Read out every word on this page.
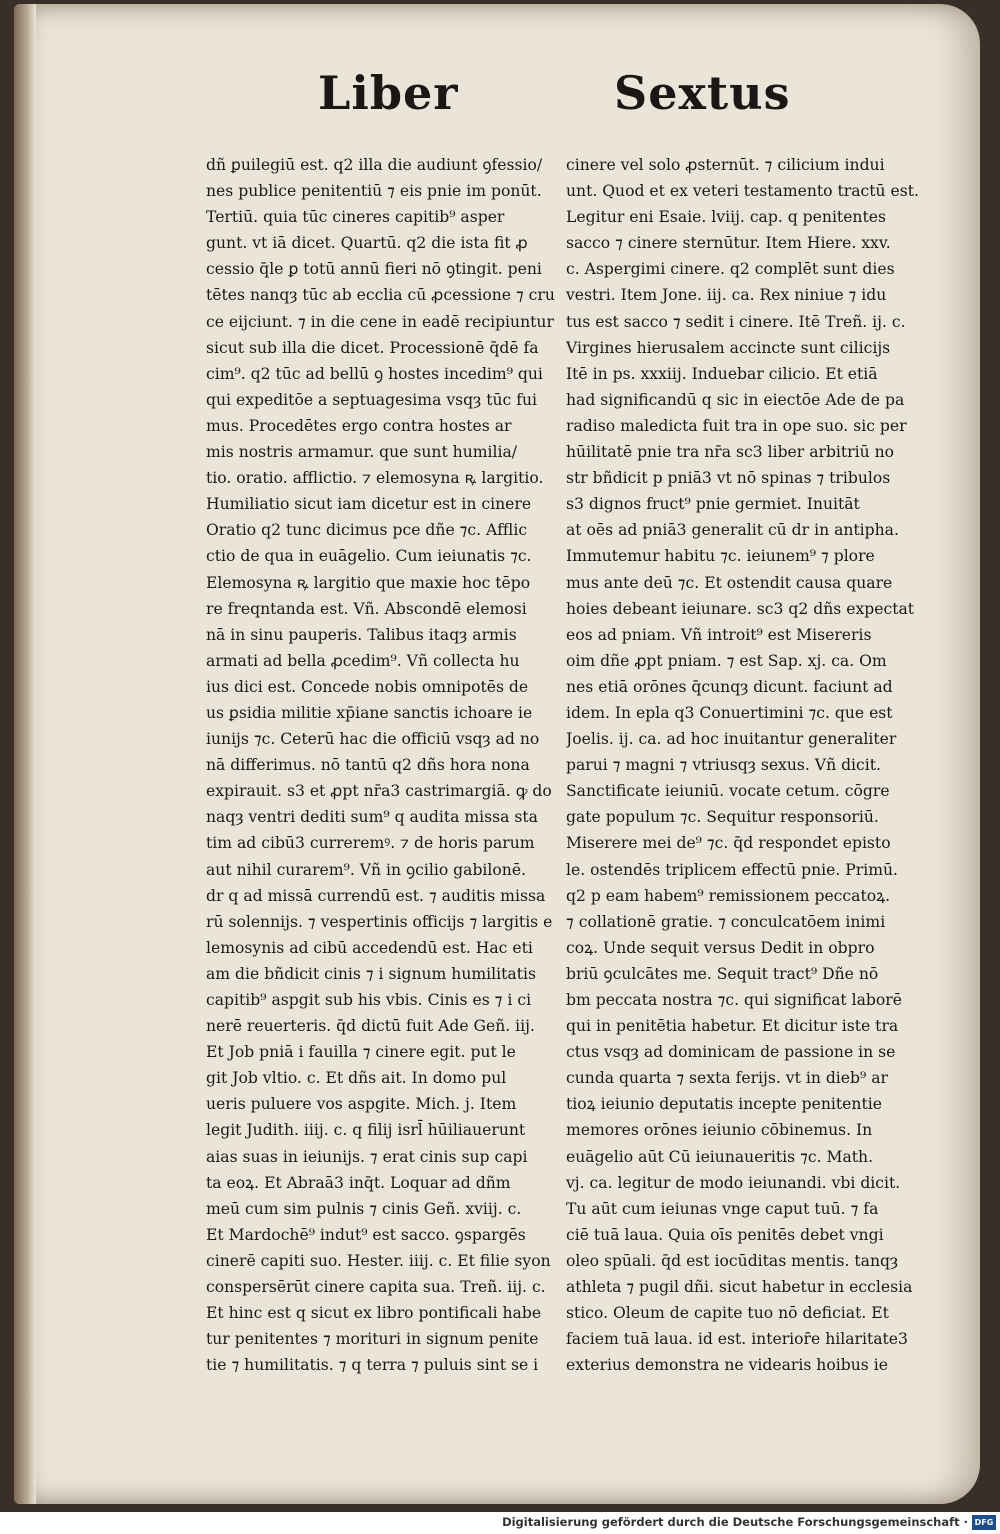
Liber	Sextus
dñ ꝑuilegiū est. q2 illa die audiunt ꝯfessio/
nes publice penitentiū ⁊ eis pnie im ponūt.
Tertiū. quia tūc cineres capitib⁹ asper
gunt. vt iā dicet. Quartū. q2 die ista fit ꝓ
cessio q̄le ꝑ totū annū fieri nō ꝯtingit. peni
tētes nanqȝ tūc ab ecclia cū ꝓcessione ⁊ cru
ce eijciunt. ⁊ in die cene in eadē recipiuntur
sicut sub illa die dicet. Processionē q̄dē fa
cim⁹. q2 tūc ad bellū ꝯ hostes incedim⁹ qui
qui expeditōe a septuagesima vsqȝ tūc fui
mus. Procedētes ergo contra hostes ar
mis nostris armamur. que sunt humilia/
tio. oratio. afflictio. ⁊ elemosyna ꝶ largitio.
Humiliatio sicut iam dicetur est in cinere
Oratio q2 tunc dicimus pce dñe ⁊c. Afflic
ctio de qua in euāgelio. Cum ieiunatis ⁊c.
Elemosyna ꝶ largitio que maxie hoc tēpo
re freqntanda est. Vñ. Abscondē elemosi
nā in sinu pauperis. Talibus itaqȝ armis
armati ad bella ꝓcedim⁹. Vñ collecta hu
ius dici est. Concede nobis omnipotēs de
us ꝑsidia militie xp̄iane sanctis ichoare ie
iunijs ⁊c. Ceterū hac die officiū vsqȝ ad no
nā differimus. nō tantū q2 dñs hora nona
expirauit. s3 et ꝓpt nr̄a3 castrimargiā. ꝙ do
naqȝ ventri dediti sum⁹ q audita missa sta
tim ad cibū3 curreremꝰ. ⁊ de horis parum
aut nihil curarem⁹. Vñ in ꝯcilio gabilonē.
dr q ad missā currendū est. ⁊ auditis missa
rū solennijs. ⁊ vespertinis officijs ⁊ largitis e
lemosynis ad cibū accedendū est. Hac eti
am die bñdicit cinis ⁊ i signum humilitatis
capitib⁹ aspgit sub his vbis. Cinis es ⁊ i ci
nerē reuerteris. q̄d dictū fuit Ade Geñ. iij.
Et Job pniā i fauilla ⁊ cinere egit. put le
git Job vltio. c. Et dñs ait. In domo pul
ueris puluere vos aspgite. Mich. j. Item
legit Judith. iiij. c. q filij isrl̄ hūiliauerunt
aias suas in ieiunijs. ⁊ erat cinis sup capi
ta eoꝝ. Et Abraā3 inq̄t. Loquar ad dñm
meū cum sim pulnis ⁊ cinis Geñ. xviij. c.
Et Mardochē⁹ indut⁹ est sacco. ꝯspargēs
cinerē capiti suo. Hester. iiij. c. Et filie syon
conspersērūt cinere capita sua. Treñ. iij. c.
Et hinc est q sicut ex libro pontificali habe
tur penitentes ⁊ morituri in signum penite
tie ⁊ humilitatis. ⁊ q terra ⁊ puluis sint se i
cinere vel solo ꝓsternūt. ⁊ cilicium indui
unt. Quod et ex veteri testamento tractū est.
Legitur eni Esaie. lviij. cap. q penitentes
sacco ⁊ cinere sternūtur. Item Hiere. xxv.
c. Aspergimi cinere. q2 complēt sunt dies
vestri. Item Jone. iij. ca. Rex niniue ⁊ idu
tus est sacco ⁊ sedit i cinere. Itē Treñ. ij. c.
Virgines hierusalem accincte sunt cilicijs
Itē in ps. xxxiij. Induebar cilicio. Et etiā
had significandū q sic in eiectōe Ade de pa
radiso maledicta fuit tra in ope suo. sic per
hūilitatē pnie tra nr̄a sc3 liber arbitriū no
str bñdicit p pniā3 vt nō spinas ⁊ tribulos
s3 dignos fruct⁹ pnie germiet. Inuitāt
at oēs ad pniā3 generalit cū dr in antipha.
Immutemur habitu ⁊c. ieiunem⁹ ⁊ plore
mus ante deū ⁊c. Et ostendit causa quare
hoies debeant ieiunare. sc3 q2 dñs expectat
eos ad pniam. Vñ introit⁹ est Misereris
oim dñe ꝓpt pniam. ⁊ est Sap. xj. ca. Om
nes etiā orōnes q̄cunqȝ dicunt. faciunt ad
idem. In epla q3 Conuertimini ⁊c. que est
Joelis. ij. ca. ad hoc inuitantur generaliter
parui ⁊ magni ⁊ vtriusqȝ sexus. Vñ dicit.
Sanctificate ieiuniū. vocate cetum. cōgre
gate populum ⁊c. Sequitur responsoriū.
Miserere mei de⁹ ⁊c. q̄d respondet episto
le. ostendēs triplicem effectū pnie. Primū.
q2 p eam habem⁹ remissionem peccatoꝝ.
⁊ collationē gratie. ⁊ conculcatōem inimi
coꝝ. Unde sequit versus Dedit in obpro
briū ꝯculcātes me. Sequit tract⁹ Dñe nō
bm peccata nostra ⁊c. qui significat laborē
qui in penitētia habetur. Et dicitur iste tra
ctus vsqȝ ad dominicam de passione in se
cunda quarta ⁊ sexta ferijs. vt in dieb⁹ ar
tioꝝ ieiunio deputatis incepte penitentie
memores orōnes ieiunio cōbinemus. In
euāgelio aūt Cū ieiunaueritis ⁊c. Math.
vj. ca. legitur de modo ieiunandi. vbi dicit.
Tu aūt cum ieiunas vnge caput tuū. ⁊ fa
ciē tuā laua. Quia oīs penitēs debet vngi
oleo spūali. q̄d est iocūditas mentis. tanqȝ
athleta ⁊ pugil dñi. sicut habetur in ecclesia
stico. Oleum de capite tuo nō deficiat. Et
faciem tuā laua. id est. interior̄e hilaritate3
exterius demonstra ne videaris hoibus ie
Digitalisierung gefördert durch die Deutsche Forschungsgemeinschaft · DFG
